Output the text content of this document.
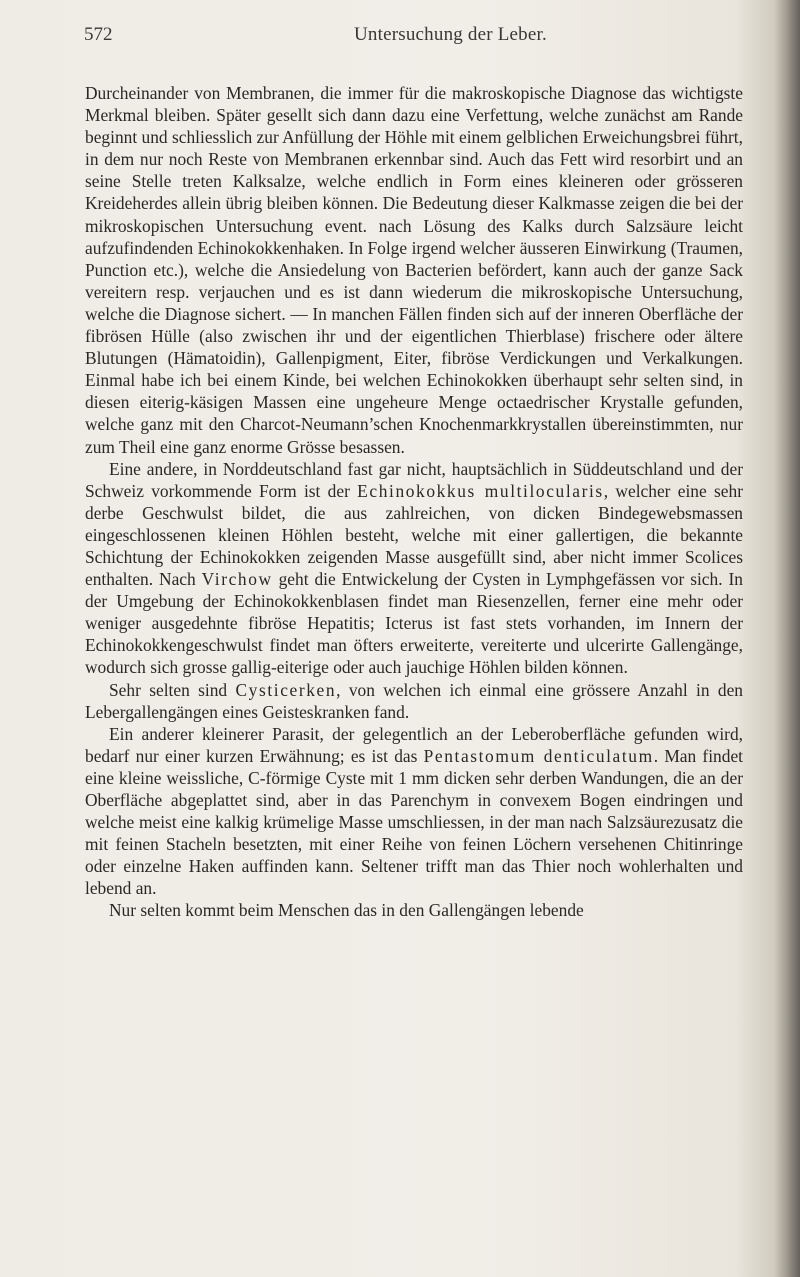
572	Untersuchung der Leber.

Durcheinander von Membranen, die immer für die makroskopische Diagnose das wichtigste Merkmal bleiben. Später gesellt sich dann dazu eine Verfettung, welche zunächst am Rande beginnt und schliesslich zur Anfüllung der Höhle mit einem gelblichen Erweichungsbrei führt, in dem nur noch Reste von Membranen erkennbar sind. Auch das Fett wird resorbirt und an seine Stelle treten Kalksalze, welche endlich in Form eines kleineren oder grösseren Kreideherdes allein übrig bleiben können. Die Bedeutung dieser Kalkmasse zeigen die bei der mikroskopischen Untersuchung event. nach Lösung des Kalks durch Salzsäure leicht aufzufindenden Echinokokkenhaken. In Folge irgend welcher äusseren Einwirkung (Traumen, Punction etc.), welche die Ansiedelung von Bacterien befördert, kann auch der ganze Sack vereitern resp. verjauchen und es ist dann wiederum die mikroskopische Untersuchung, welche die Diagnose sichert. — In manchen Fällen finden sich auf der inneren Oberfläche der fibrösen Hülle (also zwischen ihr und der eigentlichen Thierblase) frischere oder ältere Blutungen (Hämatoidin), Gallenpigment, Eiter, fibröse Verdickungen und Verkalkungen. Einmal habe ich bei einem Kinde, bei welchen Echinokokken überhaupt sehr selten sind, in diesen eiterig-käsigen Massen eine ungeheure Menge octaedrischer Krystalle gefunden, welche ganz mit den Charcot-Neumann’schen Knochenmarkkrystallen übereinstimmten, nur zum Theil eine ganz enorme Grösse besassen.

Eine andere, in Norddeutschland fast gar nicht, hauptsächlich in Süddeutschland und der Schweiz vorkommende Form ist der Echinokokkus multilocularis, welcher eine sehr derbe Geschwulst bildet, die aus zahlreichen, von dicken Bindegewebsmassen eingeschlossenen kleinen Höhlen besteht, welche mit einer gallertigen, die bekannte Schichtung der Echinokokken zeigenden Masse ausgefüllt sind, aber nicht immer Scolices enthalten. Nach Virchow geht die Entwickelung der Cysten in Lymphgefässen vor sich. In der Umgebung der Echinokokkenblasen findet man Riesenzellen, ferner eine mehr oder weniger ausgedehnte fibröse Hepatitis; Icterus ist fast stets vorhanden, im Innern der Echinokokkengeschwulst findet man öfters erweiterte, vereiterte und ulcerirte Gallengänge, wodurch sich grosse gallig-eiterige oder auch jauchige Höhlen bilden können.

Sehr selten sind Cysticerken, von welchen ich einmal eine grössere Anzahl in den Lebergallengängen eines Geisteskranken fand.

Ein anderer kleinerer Parasit, der gelegentlich an der Leberoberfläche gefunden wird, bedarf nur einer kurzen Erwähnung; es ist das Pentastomum denticulatum. Man findet eine kleine weissliche, C-förmige Cyste mit 1 mm dicken sehr derben Wandungen, die an der Oberfläche abgeplattet sind, aber in das Parenchym in convexem Bogen eindringen und welche meist eine kalkig krümelige Masse umschliessen, in der man nach Salzsäurezusatz die mit feinen Stacheln besetzten, mit einer Reihe von feinen Löchern versehenen Chitinringe oder einzelne Haken auffinden kann. Seltener trifft man das Thier noch wohlerhalten und lebend an.

Nur selten kommt beim Menschen das in den Gallengängen lebende
